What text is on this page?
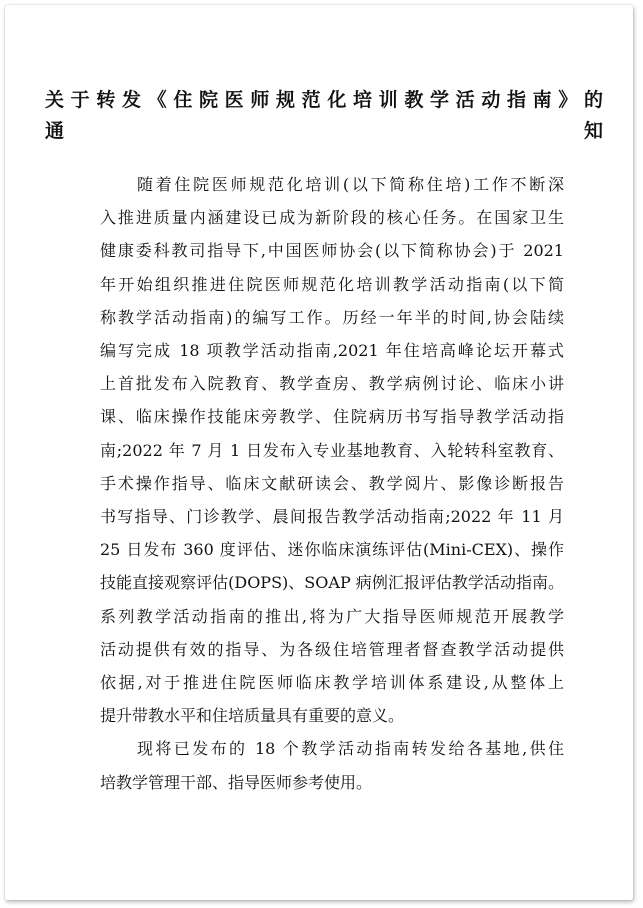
关于转发《住院医师规范化培训教学活动指南》的
通知

随着住院医师规范化培训(以下简称住培)工作不断深
入推进质量内涵建设已成为新阶段的核心任务。在国家卫生
健康委科教司指导下,中国医师协会(以下简称协会)于 2021
年开始组织推进住院医师规范化培训教学活动指南(以下简
称教学活动指南)的编写工作。历经一年半的时间,协会陆续
编写完成 18 项教学活动指南,2021 年住培高峰论坛开幕式
上首批发布入院教育、教学查房、教学病例讨论、临床小讲
课、临床操作技能床旁教学、住院病历书写指导教学活动指
南;2022 年 7 月 1 日发布入专业基地教育、入轮转科室教育、
手术操作指导、临床文献研读会、教学阅片、影像诊断报告
书写指导、门诊教学、晨间报告教学活动指南;2022 年 11 月
25 日发布 360 度评估、迷你临床演练评估(Mini-CEX)、操作
技能直接观察评估(DOPS)、SOAP 病例汇报评估教学活动指南。
系列教学活动指南的推出,将为广大指导医师规范开展教学
活动提供有效的指导、为各级住培管理者督查教学活动提供
依据,对于推进住院医师临床教学培训体系建设,从整体上
提升带教水平和住培质量具有重要的意义。

现将已发布的 18 个教学活动指南转发给各基地,供住
培教学管理干部、指导医师参考使用。
